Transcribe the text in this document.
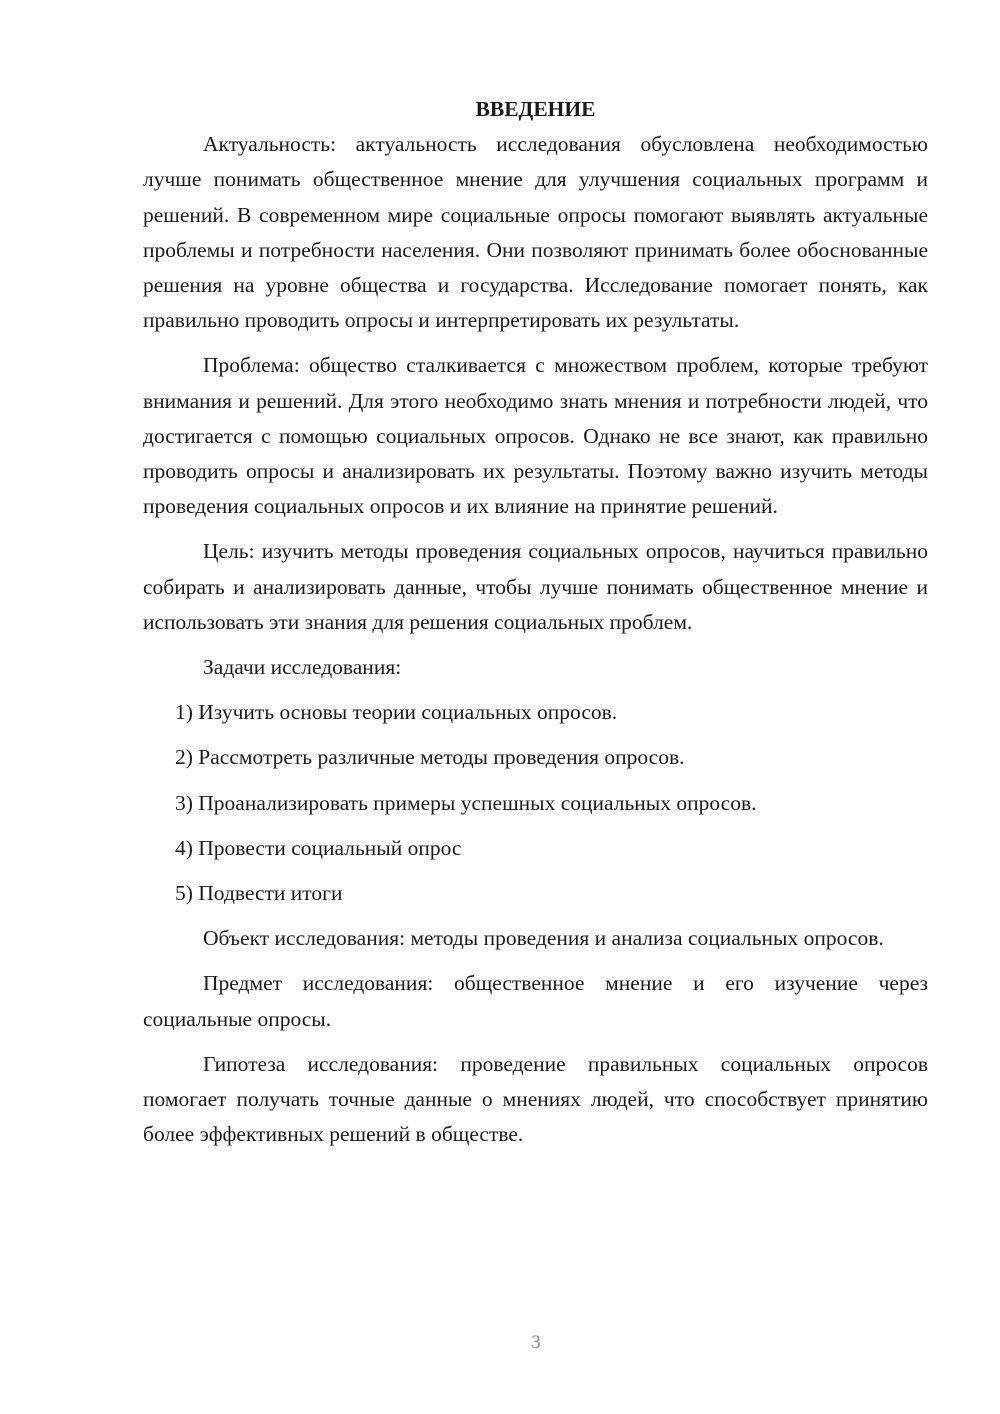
ВВЕДЕНИЕ

Актуальность: актуальность исследования обусловлена необходимостью лучше понимать общественное мнение для улучшения социальных программ и решений. В современном мире социальные опросы помогают выявлять актуальные проблемы и потребности населения. Они позволяют принимать более обоснованные решения на уровне общества и государства. Исследование помогает понять, как правильно проводить опросы и интерпретировать их результаты.

Проблема: общество сталкивается с множеством проблем, которые требуют внимания и решений. Для этого необходимо знать мнения и потребности людей, что достигается с помощью социальных опросов. Однако не все знают, как правильно проводить опросы и анализировать их результаты. Поэтому важно изучить методы проведения социальных опросов и их влияние на принятие решений.

Цель: изучить методы проведения социальных опросов, научиться правильно собирать и анализировать данные, чтобы лучше понимать общественное мнение и использовать эти знания для решения социальных проблем.

Задачи исследования:

1) Изучить основы теории социальных опросов.
2) Рассмотреть различные методы проведения опросов.
3) Проанализировать примеры успешных социальных опросов.
4) Провести социальный опрос
5) Подвести итоги

Объект исследования: методы проведения и анализа социальных опросов.

Предмет исследования: общественное мнение и его изучение через социальные опросы.

Гипотеза исследования: проведение правильных социальных опросов помогает получать точные данные о мнениях людей, что способствует принятию более эффективных решений в обществе.

3
